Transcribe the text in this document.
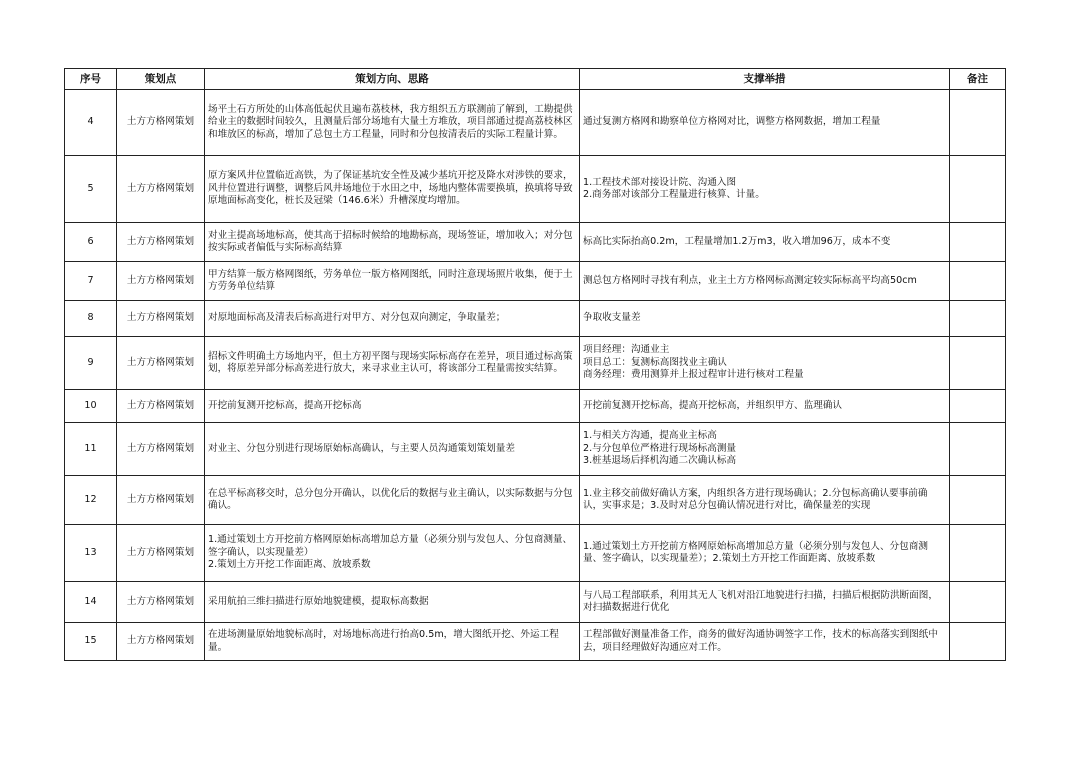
序号	策划点	策划方向、思路	支撑举措	备注
4	土方方格网策划	场平土石方所处的山体高低起伏且遍布荔枝林，我方组织五方联测前了解到，工勘提供给业主的数据时间较久，且测量后部分场地有大量土方堆放，项目部通过提高荔枝林区和堆放区的标高，增加了总包土方工程量，同时和分包按清表后的实际工程量计算。	通过复测方格网和勘察单位方格网对比，调整方格网数据，增加工程量	
5	土方方格网策划	原方案风井位置临近高铁，为了保证基坑安全性及减少基坑开挖及降水对涉铁的要求，风井位置进行调整，调整后风井场地位于水田之中，场地内整体需要换填，换填将导致原地面标高变化，桩长及冠梁（146.6米）升槽深度均增加。	1.工程技术部对接设计院、沟通入图
2.商务部对该部分工程量进行核算、计量。	
6	土方方格网策划	对业主提高场地标高，使其高于招标时候给的地勘标高，现场签证，增加收入；对分包按实际或者偏低与实际标高结算	标高比实际抬高0.2m，工程量增加1.2万m3，收入增加96万，成本不变	
7	土方方格网策划	甲方结算一版方格网图纸，劳务单位一版方格网图纸，同时注意现场照片收集，便于土方劳务单位结算	测总包方格网时寻找有利点，业主土方方格网标高测定较实际标高平均高50cm	
8	土方方格网策划	对原地面标高及清表后标高进行对甲方、对分包双向测定，争取量差；	争取收支量差	
9	土方方格网策划	招标文件明确土方场地内平，但土方初平图与现场实际标高存在差异，项目通过标高策划，将原差异部分标高差进行放大，来寻求业主认可，将该部分工程量需按实结算。	项目经理：沟通业主
项目总工：复测标高图找业主确认
商务经理：费用测算并上报过程审计进行核对工程量	
10	土方方格网策划	开挖前复测开挖标高，提高开挖标高	开挖前复测开挖标高，提高开挖标高，并组织甲方、监理确认	
11	土方方格网策划	对业主、分包分别进行现场原始标高确认，与主要人员沟通策划策划量差	1.与相关方沟通，提高业主标高
2.与分包单位严格进行现场标高测量
3.桩基退场后择机沟通二次确认标高	
12	土方方格网策划	在总平标高移交时，总分包分开确认，以优化后的数据与业主确认，以实际数据与分包确认。	1.业主移交前做好确认方案，内组织各方进行现场确认；2.分包标高确认要事前确认，实事求是；3.及时对总分包确认情况进行对比，确保量差的实现	
13	土方方格网策划	1.通过策划土方开挖前方格网原始标高增加总方量（必须分别与发包人、分包商测量、签字确认，以实现量差）
2.策划土方开挖工作面距离、放坡系数	1.通过策划土方开挖前方格网原始标高增加总方量（必须分别与发包人、分包商测量、签字确认，以实现量差）；2.策划土方开挖工作面距离、放坡系数	
14	土方方格网策划	采用航拍三维扫描进行原始地貌建模，提取标高数据	与八局工程部联系，利用其无人飞机对沿江地貌进行扫描，扫描后根据防洪断面图，对扫描数据进行优化	
15	土方方格网策划	在进场测量原始地貌标高时，对场地标高进行抬高0.5m，增大图纸开挖、外运工程量。	工程部做好测量准备工作，商务的做好沟通协调签字工作，技术的标高落实到图纸中去，项目经理做好沟通应对工作。	
